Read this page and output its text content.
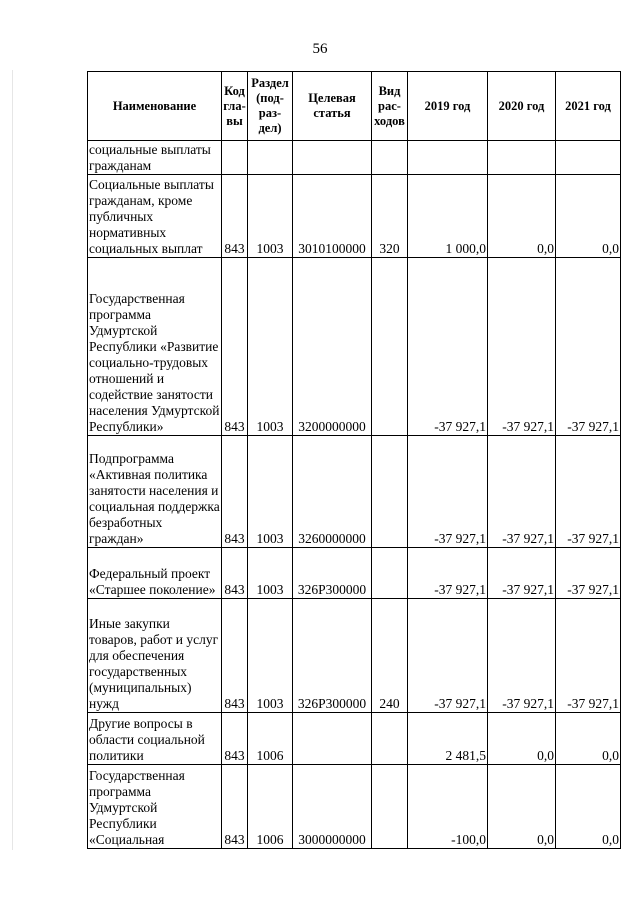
56
Наименование	Код гла-вы	Раздел (под-раз-дел)	Целевая статья	Вид рас-ходов	2019 год	2020 год	2021 год
социальные выплаты гражданам							
Социальные выплаты гражданам, кроме публичных нормативных социальных выплат	843	1003	3010100000	320	1 000,0	0,0	0,0
Государственная программа Удмуртской Республики «Развитие социально-трудовых отношений и содействие занятости населения Удмуртской Республики»	843	1003	3200000000		-37 927,1	-37 927,1	-37 927,1
Подпрограмма «Активная политика занятости населения и социальная поддержка безработных граждан»	843	1003	3260000000		-37 927,1	-37 927,1	-37 927,1
Федеральный проект «Старшее поколение»	843	1003	326P300000		-37 927,1	-37 927,1	-37 927,1
Иные закупки товаров, работ и услуг для обеспечения государственных (муниципальных) нужд	843	1003	326P300000	240	-37 927,1	-37 927,1	-37 927,1
Другие вопросы в области социальной политики	843	1006			2 481,5	0,0	0,0
Государственная программа Удмуртской Республики «Социальная	843	1006	3000000000		-100,0	0,0	0,0
